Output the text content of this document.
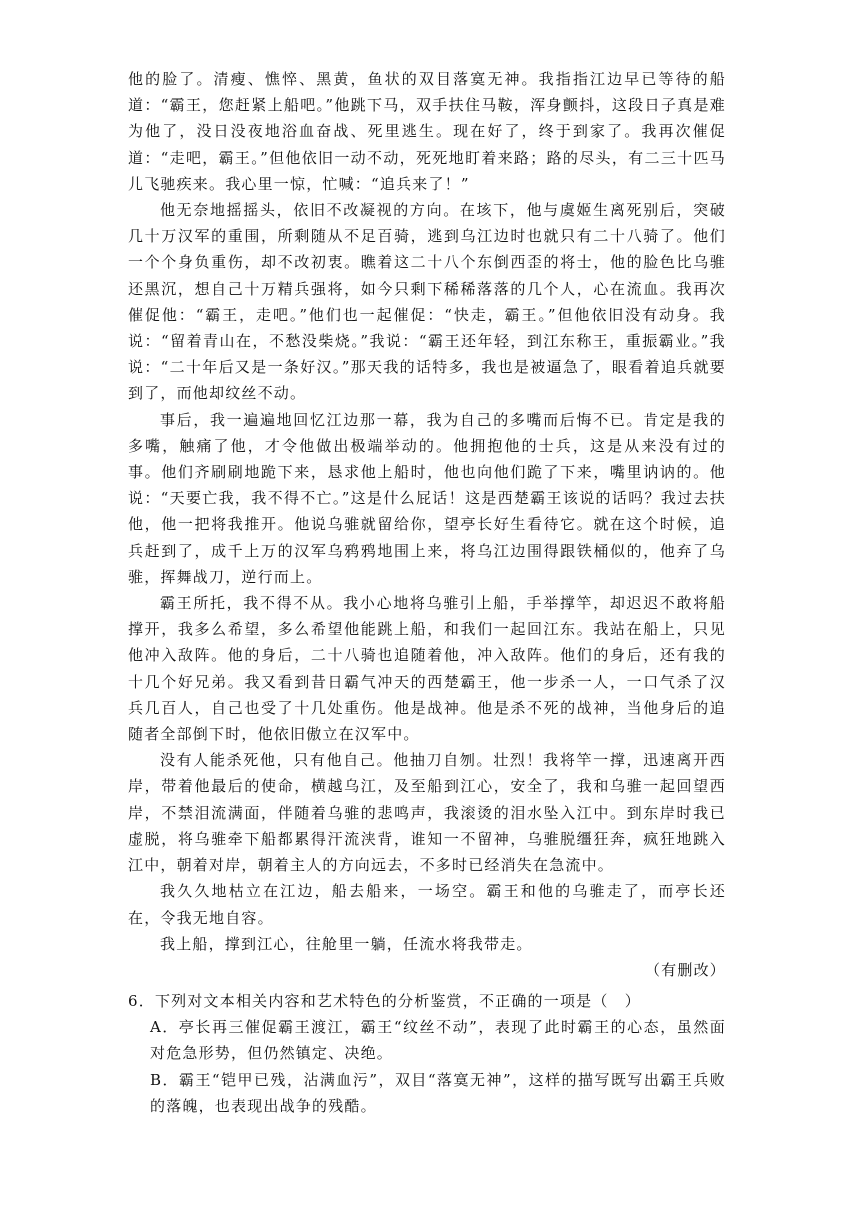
他的脸了。清瘦、憔悴、黑黄，鱼状的双目落寞无神。我指指江边早已等待的船道：“霸王，您赶紧上船吧。”他跳下马，双手扶住马鞍，浑身颤抖，这段日子真是难为他了，没日没夜地浴血奋战、死里逃生。现在好了，终于到家了。我再次催促道：“走吧，霸王。”但他依旧一动不动，死死地盯着来路；路的尽头，有二三十匹马儿飞驰疾来。我心里一惊，忙喊：“追兵来了！”

他无奈地摇摇头，依旧不改凝视的方向。在垓下，他与虞姬生离死别后，突破几十万汉军的重围，所剩随从不足百骑，逃到乌江边时也就只有二十八骑了。他们一个个身负重伤，却不改初衷。瞧着这二十八个东倒西歪的将士，他的脸色比乌骓还黑沉，想自己十万精兵强将，如今只剩下稀稀落落的几个人，心在流血。我再次催促他：“霸王，走吧。”他们也一起催促：“快走，霸王。”但他依旧没有动身。我说：“留着青山在，不愁没柴烧。”我说：“霸王还年轻，到江东称王，重振霸业。”我说：“二十年后又是一条好汉。”那天我的话特多，我也是被逼急了，眼看着追兵就要到了，而他却纹丝不动。

事后，我一遍遍地回忆江边那一幕，我为自己的多嘴而后悔不已。肯定是我的多嘴，触痛了他，才令他做出极端举动的。他拥抱他的士兵，这是从来没有过的事。他们齐刷刷地跪下来，恳求他上船时，他也向他们跪了下来，嘴里讷讷的。他说：“天要亡我，我不得不亡。”这是什么屁话！这是西楚霸王该说的话吗？我过去扶他，他一把将我推开。他说乌骓就留给你，望亭长好生看待它。就在这个时候，追兵赶到了，成千上万的汉军乌鸦鸦地围上来，将乌江边围得跟铁桶似的，他弃了乌骓，挥舞战刀，逆行而上。

霸王所托，我不得不从。我小心地将乌骓引上船，手举撑竿，却迟迟不敢将船撑开，我多么希望，多么希望他能跳上船，和我们一起回江东。我站在船上，只见他冲入敌阵。他的身后，二十八骑也追随着他，冲入敌阵。他们的身后，还有我的十几个好兄弟。我又看到昔日霸气冲天的西楚霸王，他一步杀一人，一口气杀了汉兵几百人，自己也受了十几处重伤。他是战神。他是杀不死的战神，当他身后的追随者全部倒下时，他依旧傲立在汉军中。

没有人能杀死他，只有他自己。他抽刀自刎。壮烈！我将竿一撑，迅速离开西岸，带着他最后的使命，横越乌江，及至船到江心，安全了，我和乌骓一起回望西岸，不禁泪流满面，伴随着乌骓的悲鸣声，我滚烫的泪水坠入江中。到东岸时我已虚脱，将乌骓牵下船都累得汗流浃背，谁知一不留神，乌骓脱缰狂奔，疯狂地跳入江中，朝着对岸，朝着主人的方向远去，不多时已经消失在急流中。

我久久地枯立在江边，船去船来，一场空。霸王和他的乌骓走了，而亭长还在，令我无地自容。

我上船，撑到江心，往舱里一躺，任流水将我带走。

（有删改）

6．下列对文本相关内容和艺术特色的分析鉴赏，不正确的一项是（　）

A．亭长再三催促霸王渡江，霸王“纹丝不动”，表现了此时霸王的心态，虽然面对危急形势，但仍然镇定、决绝。

B．霸王“铠甲已残，沾满血污”，双目“落寞无神”，这样的描写既写出霸王兵败的落魄，也表现出战争的残酷。
